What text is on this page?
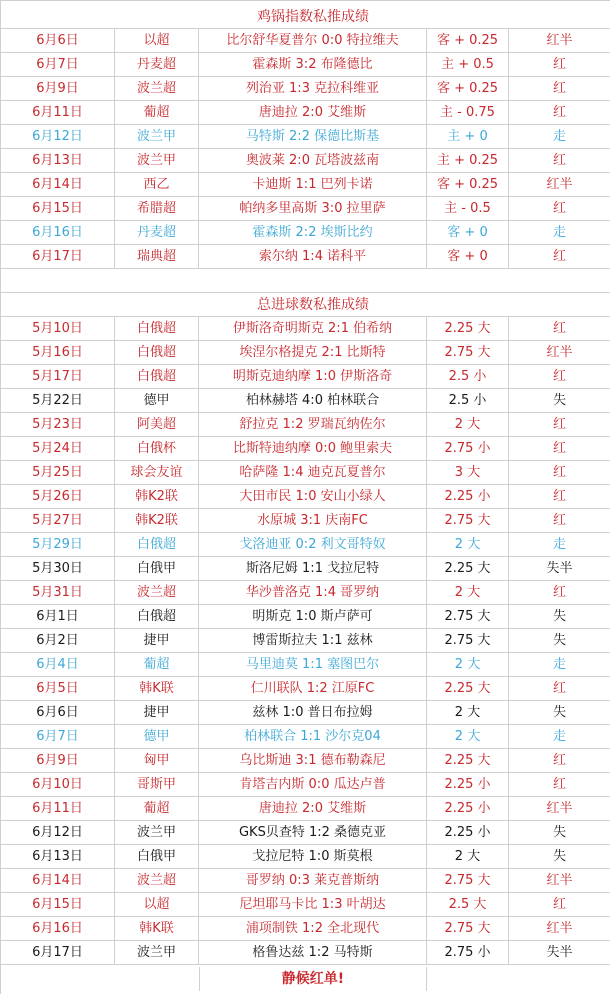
鸡锅指数私推成绩
6月6日	以超	比尔舒华夏普尔 0:0 特拉维夫	客 + 0.25	红半
6月7日	丹麦超	霍森斯 3:2 布隆德比	主 + 0.5	红
6月9日	波兰超	列治亚 1:3 克拉科维亚	客 + 0.25	红
6月11日	葡超	唐迪拉 2:0 艾维斯	主 - 0.75	红
6月12日	波兰甲	马特斯 2:2 保德比斯基	主 + 0	走
6月13日	波兰甲	奥波莱 2:0 瓦塔波兹南	主 + 0.25	红
6月14日	西乙	卡迪斯 1:1 巴列卡诺	客 + 0.25	红半
6月15日	希腊超	帕纳多里高斯 3:0 拉里萨	主 - 0.5	红
6月16日	丹麦超	霍森斯 2:2 埃斯比约	客 + 0	走
6月17日	瑞典超	索尔纳 1:4 诺科平	客 + 0	红
总进球数私推成绩
5月10日	白俄超	伊斯洛奇明斯克 2:1 伯希纳	2.25 大	红
5月16日	白俄超	埃涅尔格提克 2:1 比斯特	2.75 大	红半
5月17日	白俄超	明斯克迪纳摩 1:0 伊斯洛奇	2.5 小	红
5月22日	德甲	柏林赫塔 4:0 柏林联合	2.5 小	失
5月23日	阿美超	舒拉克 1:2 罗瑞瓦纳佐尔	2 大	红
5月24日	白俄杯	比斯特迪纳摩 0:0 鲍里索夫	2.75 小	红
5月25日	球会友谊	哈萨隆 1:4 迪克瓦夏普尔	3 大	红
5月26日	韩K2联	大田市民 1:0 安山小绿人	2.25 小	红
5月27日	韩K2联	水原城 3:1 庆南FC	2.75 大	红
5月29日	白俄超	戈洛迪亚 0:2 利文哥特奴	2 大	走
5月30日	白俄甲	斯洛尼姆 1:1 戈拉尼特	2.25 大	失半
5月31日	波兰超	华沙普洛克 1:4 哥罗纳	2 大	红
6月1日	白俄超	明斯克 1:0 斯卢萨可	2.75 大	失
6月2日	捷甲	博雷斯拉夫 1:1 兹林	2.75 大	失
6月4日	葡超	马里迪莫 1:1 塞图巴尔	2 大	走
6月5日	韩K联	仁川联队 1:2 江原FC	2.25 大	红
6月6日	捷甲	兹林 1:0 普日布拉姆	2 大	失
6月7日	德甲	柏林联合 1:1 沙尔克04	2 大	走
6月9日	匈甲	乌比斯迪 3:1 德布勒森尼	2.25 大	红
6月10日	哥斯甲	肯塔吉内斯 0:0 瓜达卢普	2.25 小	红
6月11日	葡超	唐迪拉 2:0 艾维斯	2.25 小	红半
6月12日	波兰甲	GKS贝查特 1:2 桑德克亚	2.25 小	失
6月13日	白俄甲	戈拉尼特 1:0 斯莫根	2 大	失
6月14日	波兰超	哥罗纳 0:3 莱克普斯纳	2.75 大	红半
6月15日	以超	尼坦耶马卡比 1:3 叶胡达	2.5 大	红
6月16日	韩K联	浦项制铁 1:2 全北现代	2.75 大	红半
6月17日	波兰甲	格鲁达兹 1:2 马特斯	2.75 小	失半
静候红单!
